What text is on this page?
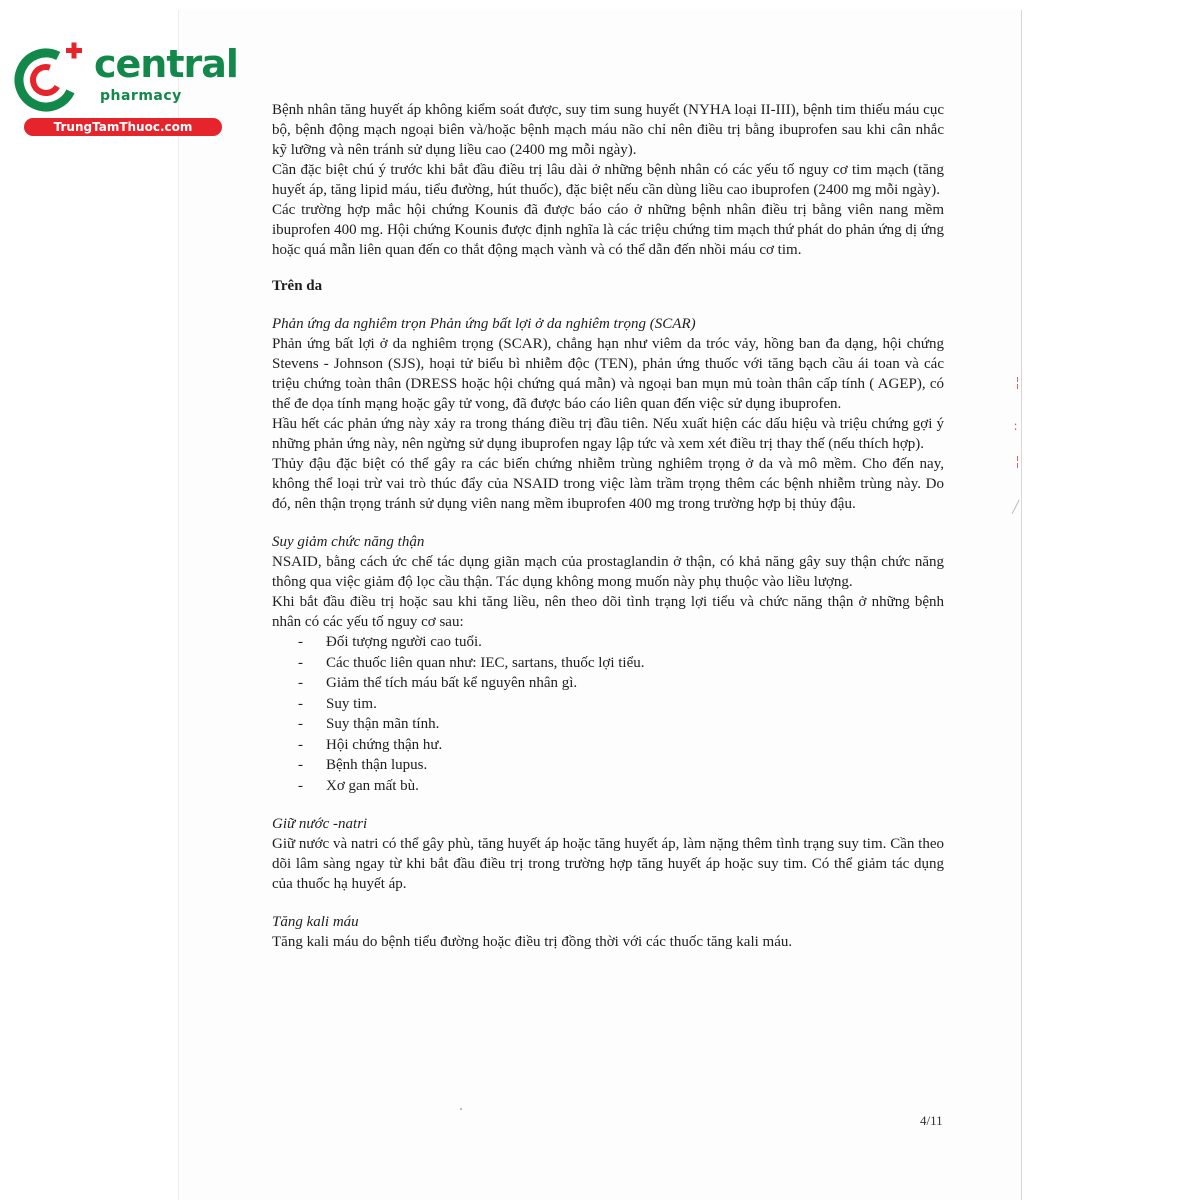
central
pharmacy
TrungTamThuoc.com

Bệnh nhân tăng huyết áp không kiểm soát được, suy tim sung huyết (NYHA loại II-III), bệnh tim thiếu máu cục bộ, bệnh động mạch ngoại biên và/hoặc bệnh mạch máu não chỉ nên điều trị bằng ibuprofen sau khi cân nhắc kỹ lưỡng và nên tránh sử dụng liều cao (2400 mg mỗi ngày).

Cần đặc biệt chú ý trước khi bắt đầu điều trị lâu dài ở những bệnh nhân có các yếu tố nguy cơ tim mạch (tăng huyết áp, tăng lipid máu, tiểu đường, hút thuốc), đặc biệt nếu cần dùng liều cao ibuprofen (2400 mg mỗi ngày).

Các trường hợp mắc hội chứng Kounis đã được báo cáo ở những bệnh nhân điều trị bằng viên nang mềm ibuprofen 400 mg. Hội chứng Kounis được định nghĩa là các triệu chứng tim mạch thứ phát do phản ứng dị ứng hoặc quá mẫn liên quan đến co thắt động mạch vành và có thể dẫn đến nhồi máu cơ tim.

Trên da

Phản ứng da nghiêm trọn Phản ứng bất lợi ở da nghiêm trọng (SCAR)

Phản ứng bất lợi ở da nghiêm trọng (SCAR), chẳng hạn như viêm da tróc vảy, hồng ban đa dạng, hội chứng Stevens - Johnson (SJS), hoại tử biểu bì nhiễm độc (TEN), phản ứng thuốc với tăng bạch cầu ái toan và các triệu chứng toàn thân (DRESS hoặc hội chứng quá mẫn) và ngoại ban mụn mủ toàn thân cấp tính ( AGEP), có thể đe dọa tính mạng hoặc gây tử vong, đã được báo cáo liên quan đến việc sử dụng ibuprofen.

Hầu hết các phản ứng này xảy ra trong tháng điều trị đầu tiên. Nếu xuất hiện các dấu hiệu và triệu chứng gợi ý những phản ứng này, nên ngừng sử dụng ibuprofen ngay lập tức và xem xét điều trị thay thế (nếu thích hợp).

Thủy đậu đặc biệt có thể gây ra các biến chứng nhiễm trùng nghiêm trọng ở da và mô mềm. Cho đến nay, không thể loại trừ vai trò thúc đẩy của NSAID trong việc làm trầm trọng thêm các bệnh nhiễm trùng này. Do đó, nên thận trọng tránh sử dụng viên nang mềm ibuprofen 400 mg trong trường hợp bị thủy đậu.

Suy giảm chức năng thận

NSAID, bằng cách ức chế tác dụng giãn mạch của prostaglandin ở thận, có khả năng gây suy thận chức năng thông qua việc giảm độ lọc cầu thận. Tác dụng không mong muốn này phụ thuộc vào liều lượng.

Khi bắt đầu điều trị hoặc sau khi tăng liều, nên theo dõi tình trạng lợi tiểu và chức năng thận ở những bệnh nhân có các yếu tố nguy cơ sau:

- Đối tượng người cao tuổi.
- Các thuốc liên quan như: IEC, sartans, thuốc lợi tiểu.
- Giảm thể tích máu bất kể nguyên nhân gì.
- Suy tim.
- Suy thận mãn tính.
- Hội chứng thận hư.
- Bệnh thận lupus.
- Xơ gan mất bù.

Giữ nước -natri

Giữ nước và natri có thể gây phù, tăng huyết áp hoặc tăng huyết áp, làm nặng thêm tình trạng suy tim. Cần theo dõi lâm sàng ngay từ khi bắt đầu điều trị trong trường hợp tăng huyết áp hoặc suy tim. Có thể giảm tác dụng của thuốc hạ huyết áp.

Tăng kali máu

Tăng kali máu do bệnh tiểu đường hoặc điều trị đồng thời với các thuốc tăng kali máu.

4/11
╎
∶
╎
╱
